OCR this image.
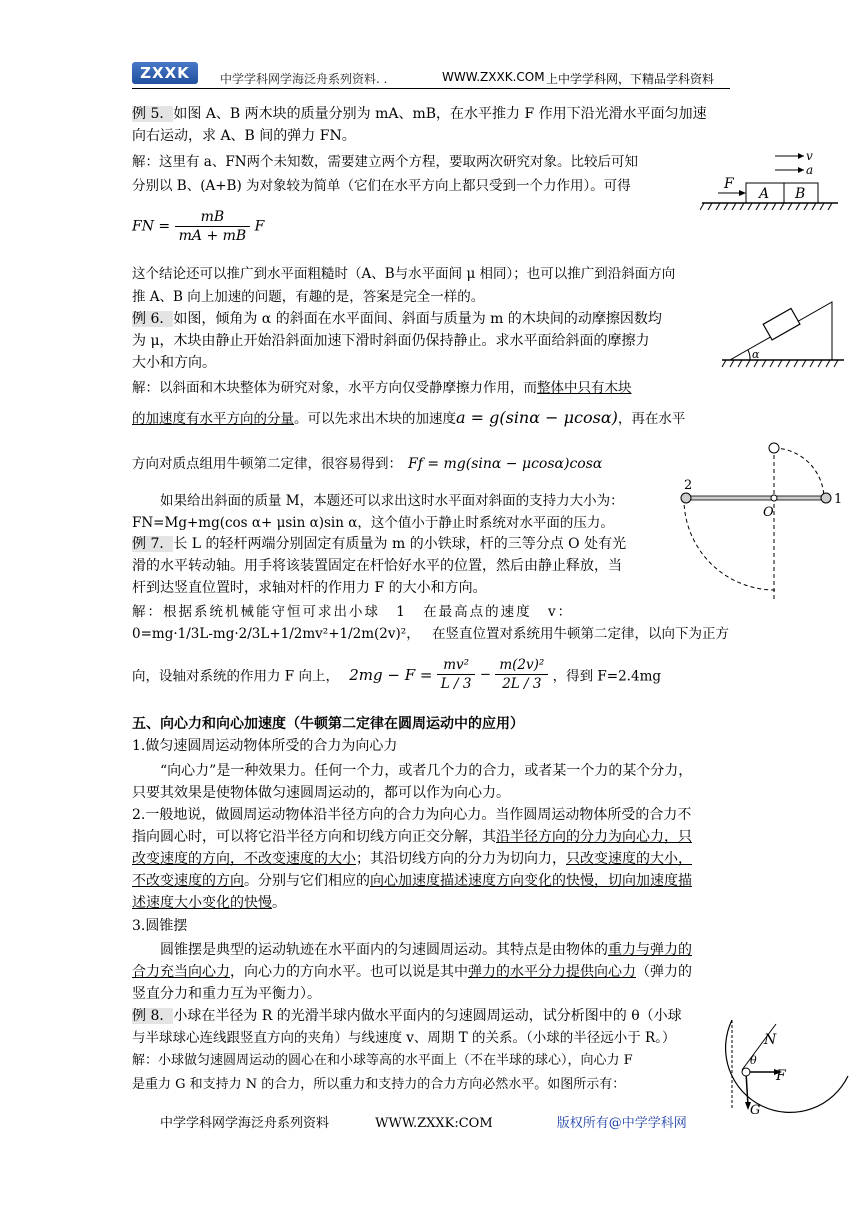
ZXXK	中学学科网学海泛舟系列资料. .	WWW.ZXXK.COM 上中学学科网，下精品学科资料
例 5．如图 A、B 两木块的质量分别为 mA、mB，在水平推力 F 作用下沿光滑水平面匀加速
向右运动，求 A、B 间的弹力 FN。
解：这里有 a、FN两个未知数，需要建立两个方程，要取两次研究对象。比较后可知
分别以 B、(A+B) 为对象较为简单（它们在水平方向上都只受到一个力作用）。可得
FN = $\frac{mB}{mA + mB}$ F
v
a
F
A B
这个结论还可以推广到水平面粗糙时（A、B与水平面间 μ 相同）；也可以推广到沿斜面方向
推 A、B 向上加速的问题，有趣的是，答案是完全一样的。
例 6．如图，倾角为 α 的斜面在水平面间、斜面与质量为 m 的木块间的动摩擦因数均
为 μ，木块由静止开始沿斜面加速下滑时斜面仍保持静止。求水平面给斜面的摩擦力
大小和方向。
α
解：以斜面和木块整体为研究对象，水平方向仅受静摩擦力作用，而整体中只有木块
的加速度有水平方向的分量。可以先求出木块的加速度a = g(sinα − μcosα)，再在水平
方向对质点组用牛顿第二定律，很容易得到： Ff = mg(sinα − μcosα)cosα
如果给出斜面的质量 M，本题还可以求出这时水平面对斜面的支持力大小为：
FN=Mg+mg(cos α+ μsin α)sin α，这个值小于静止时系统对水平面的压力。
例 7．长 L 的轻杆两端分别固定有质量为 m 的小铁球，杆的三等分点 O 处有光
滑的水平转动轴。用手将该装置固定在杆恰好水平的位置，然后由静止释放，当
杆到达竖直位置时，求轴对杆的作用力 F 的大小和方向。
2
1
O
解：根据系统机械能守恒可求出小球 1 在最高点的速度 v：
0=mg·1/3L-mg·2/3L+1/2mv²+1/2m(2v)²， 在竖直位置对系统用牛顿第二定律，以向下为正方
向，设轴对系统的作用力 F 向上， $2mg - F = \frac{\text{mv²}}{L / 3} - \frac{\text{m(2v)²}}{2L / 3}$ ，得到 F=2.4mg
五、向心力和向心加速度（牛顿第二定律在圆周运动中的应用）
1.做匀速圆周运动物体所受的合力为向心力
“向心力”是一种效果力。任何一个力，或者几个力的合力，或者某一个力的某个分力，
只要其效果是使物体做匀速圆周运动的，都可以作为向心力。
2.一般地说，做圆周运动物体沿半径方向的合力为向心力。当作圆周运动物体所受的合力不
指向圆心时，可以将它沿半径方向和切线方向正交分解，其沿半径方向的分力为向心力，只
改变速度的方向，不改变速度的大小；其沿切线方向的分力为切向力，只改变速度的大小，
不改变速度的方向。分别与它们相应的向心加速度描述速度方向变化的快慢，切向加速度描
述速度大小变化的快慢。
3.圆锥摆
圆锥摆是典型的运动轨迹在水平面内的匀速圆周运动。其特点是由物体的重力与弹力的
合力充当向心力，向心力的方向水平。也可以说是其中弹力的水平分力提供向心力（弹力的
竖直分力和重力互为平衡力）。
例 8．小球在半径为 R 的光滑半球内做水平面内的匀速圆周运动，试分析图中的 θ（小球
与半球球心连线跟竖直方向的夹角）与线速度 v、周期 T 的关系。（小球的半径远小于 R。）
解：小球做匀速圆周运动的圆心在和小球等高的水平面上（不在半球的球心），向心力 F
是重力 G 和支持力 N 的合力，所以重力和支持力的合力方向必然水平。如图所示有：
N
θ
F
G
中学学科网学海泛舟系列资料	WWW.ZXXK:COM	版权所有@中学学科网
